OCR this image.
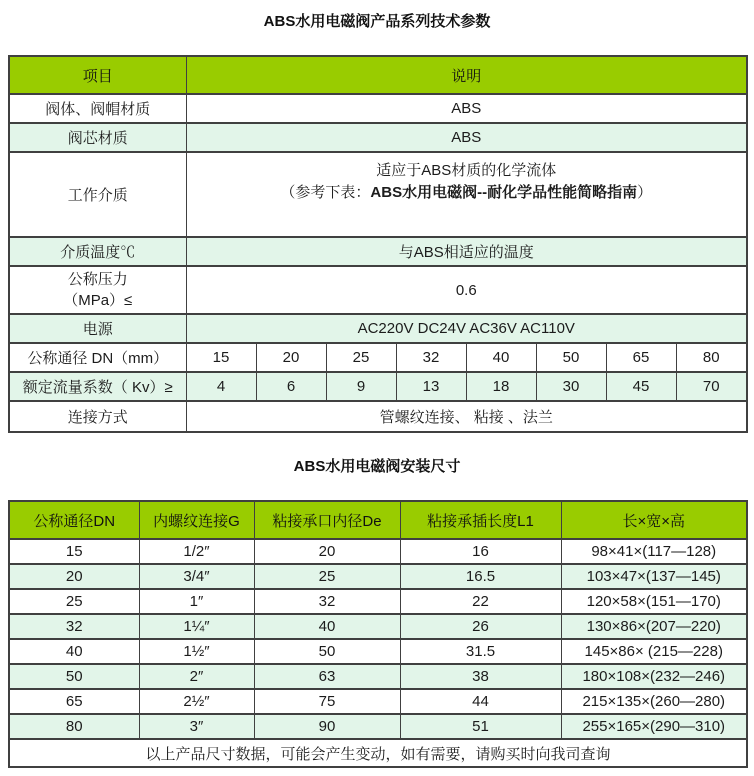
ABS水用电磁阀产品系列技术参数
项目	说明							
阀体、阀帽材质	ABS							
阀芯材质	ABS							
工作介质	适应于ABS材质的化学流体
（参考下表：ABS水用电磁阀--耐化学品性能简略指南）							
介质温度℃	与ABS相适应的温度							
公称压力
（MPa）≤	0.6							
电源	AC220V DC24V AC36V AC110V							
公称通径 DN（mm）	15	20	25	32	40	50	65	80
额定流量系数（ Kv）≥	4	6	9	13	18	30	45	70
连接方式	管螺纹连接、 粘接 、法兰							
ABS水用电磁阀安装尺寸
公称通径DN	内螺纹连接G	粘接承口内径De	粘接承插长度L1	长×宽×高
15	1/2″	20	16	98×41×(117—128)
20	3/4″	25	16.5	103×47×(137—145)
25	1″	32	22	120×58×(151—170)
32	1¼″	40	26	130×86×(207—220)
40	1½″	50	31.5	145×86× (215—228)
50	2″	63	38	180×108×(232—246)
65	2½″	75	44	215×135×(260—280)
80	3″	90	51	255×165×(290—310)
以上产品尺寸数据，可能会产生变动，如有需要，请购买时向我司查询				
